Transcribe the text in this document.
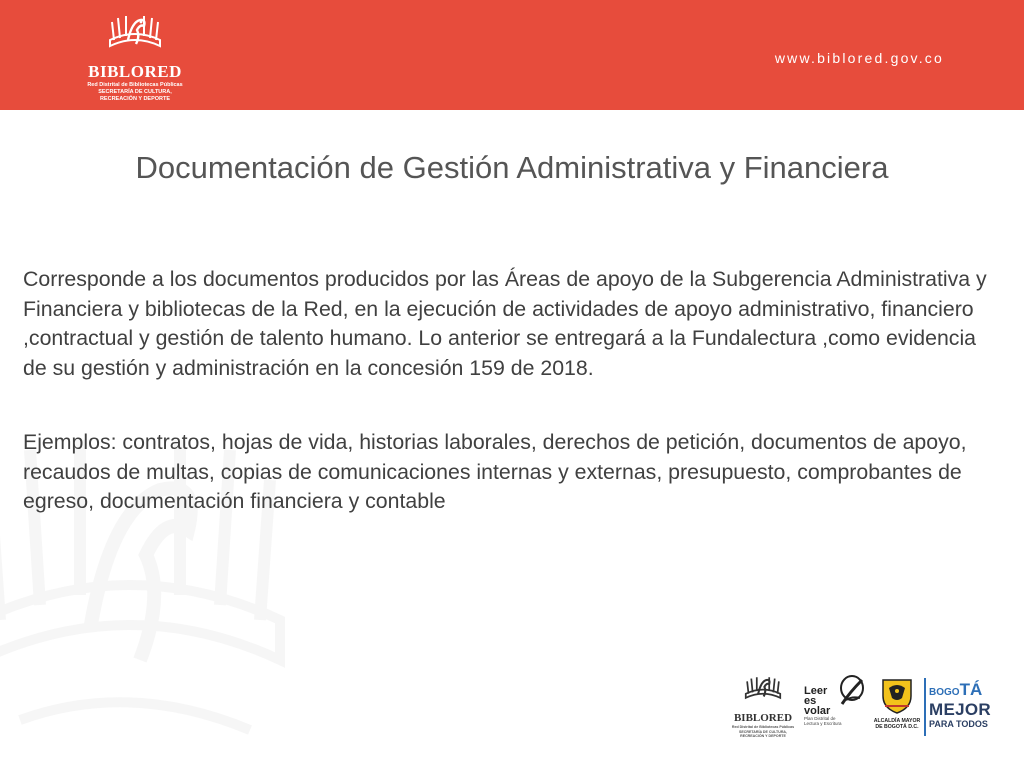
BIBLORED
Red Distrital de Bibliotecas Públicas
SECRETARÍA DE CULTURA, RECREACIÓN Y DEPORTE
www.biblored.gov.co
Documentación de Gestión Administrativa y Financiera

Corresponde a los documentos producidos por las Áreas de apoyo de la Subgerencia Administrativa y Financiera y bibliotecas de la Red, en la ejecución de actividades de apoyo administrativo, financiero ,contractual y gestión de talento humano. Lo anterior se entregará a la Fundalectura ,como evidencia de su gestión y administración en la concesión 159 de 2018.

Ejemplos: contratos, hojas de vida, historias laborales, derechos de petición, documentos de apoyo, recaudos de multas, copias de comunicaciones internas y externas, presupuesto, comprobantes de egreso, documentación financiera y contable

BIBLORED
Red Distrital de Bibliotecas Públicas
SECRETARÍA DE CULTURA, RECREACIÓN Y DEPORTE
Leer
es
volar
Plan Distrital de
Lectura y Escritura	ALCALDÍA MAYOR
DE BOGOTÁ D.C.
BOGOTÁ
MEJOR
PARA TODOS
